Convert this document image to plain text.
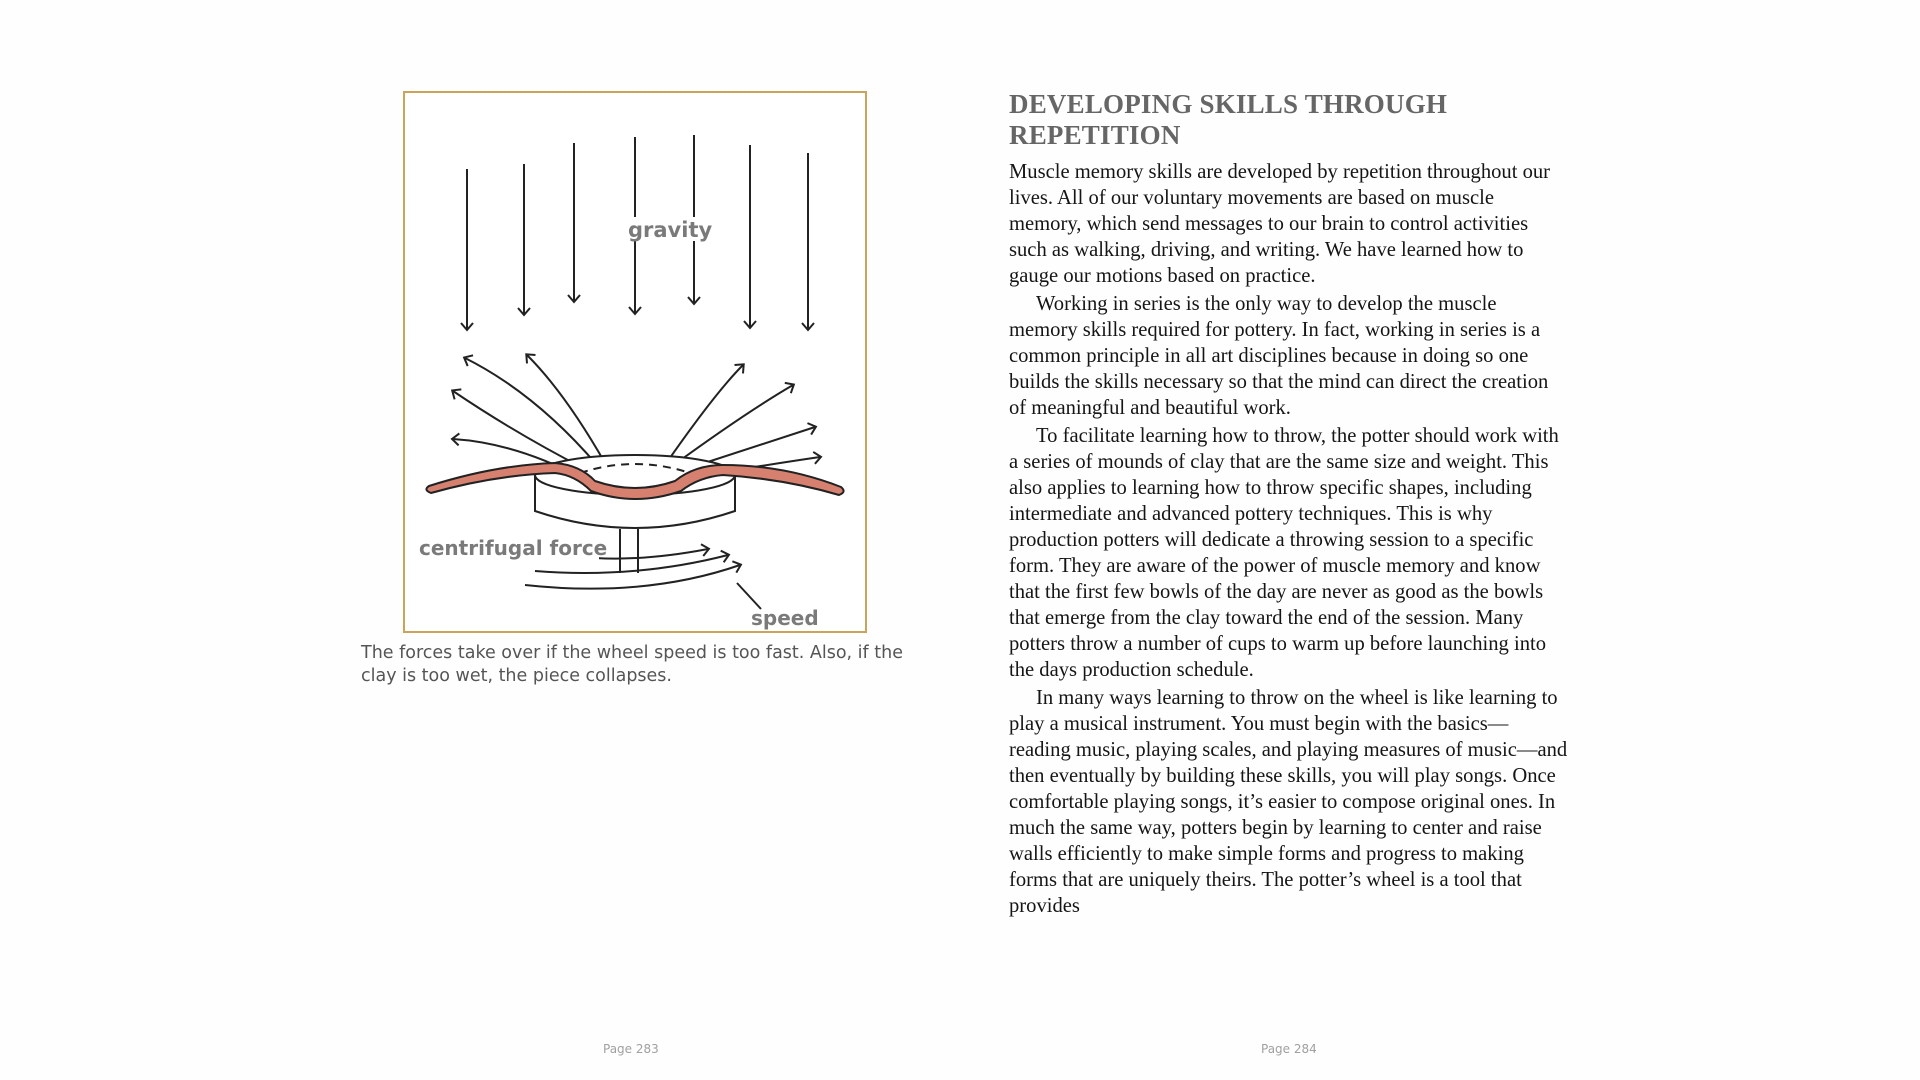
gravity
centrifugal force
speed
The forces take over if the wheel speed is too fast. Also, if the clay is too wet, the piece collapses.
Page 283
DEVELOPING SKILLS THROUGH REPETITION

Muscle memory skills are developed by repetition throughout our lives. All of our voluntary movements are based on muscle memory, which send messages to our brain to control activities such as walking, driving, and writing. We have learned how to gauge our motions based on practice.

Working in series is the only way to develop the muscle memory skills required for pottery. In fact, working in series is a common principle in all art disciplines because in doing so one builds the skills necessary so that the mind can direct the creation of meaningful and beautiful work.

To facilitate learning how to throw, the potter should work with a series of mounds of clay that are the same size and weight. This also applies to learning how to throw specific shapes, including intermediate and advanced pottery techniques. This is why production potters will dedicate a throwing session to a specific form. They are aware of the power of muscle memory and know that the first few bowls of the day are never as good as the bowls that emerge from the clay toward the end of the session. Many potters throw a number of cups to warm up before launching into the days production schedule.

In many ways learning to throw on the wheel is like learning to play a musical instrument. You must begin with the basics—reading music, playing scales, and playing measures of music—and then eventually by building these skills, you will play songs. Once comfortable playing songs, it’s easier to compose original ones. In much the same way, potters begin by learning to center and raise walls efficiently to make simple forms and progress to making forms that are uniquely theirs. The potter’s wheel is a tool that provides

Page 284
